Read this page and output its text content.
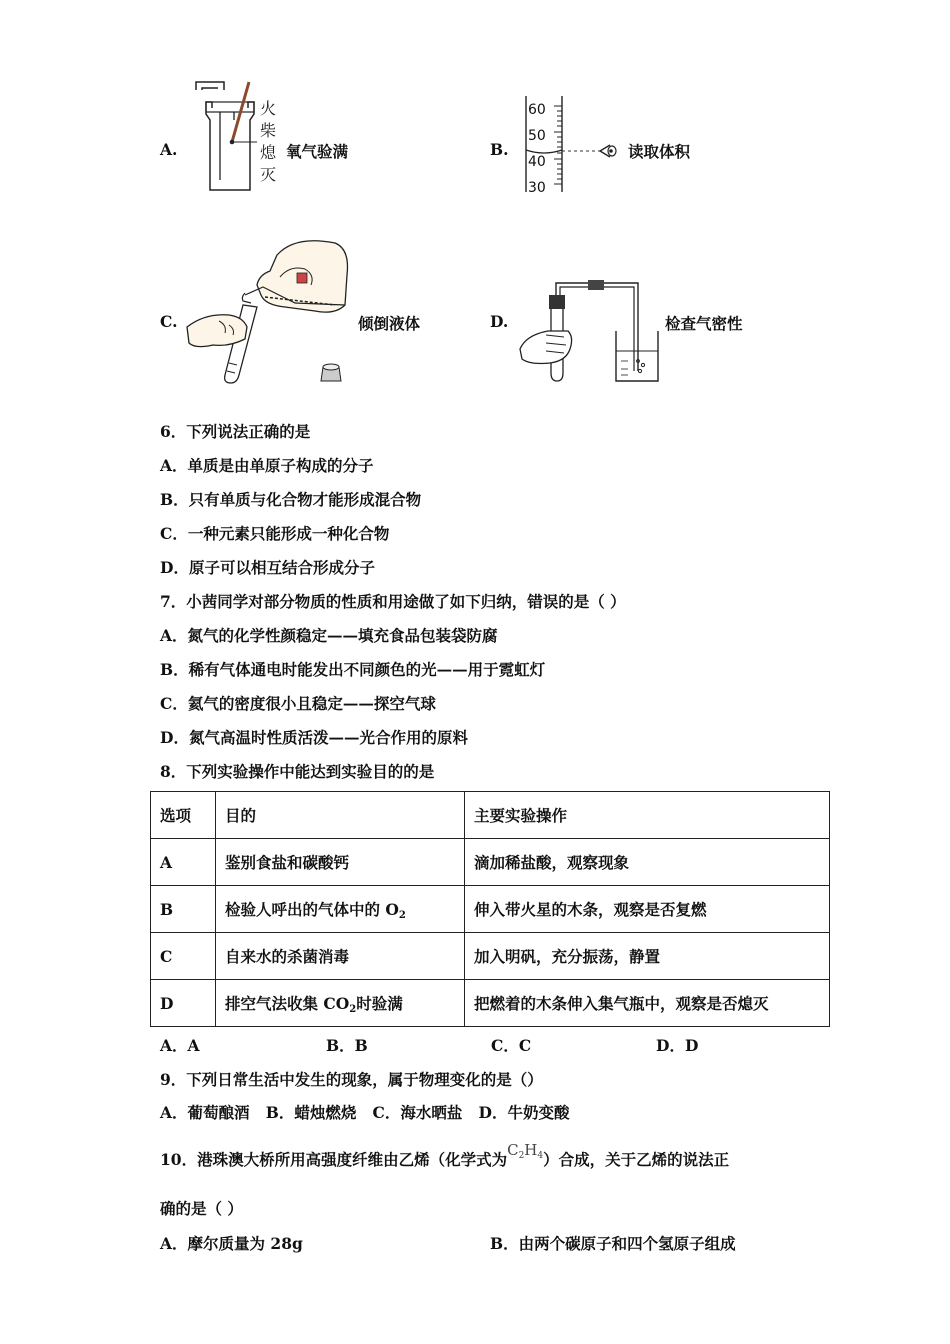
A.
火
柴
熄
灭
氧气验满	B.
60
50
40
30
读取体积
C.	倾倒液体	D.	检查气密性
6．下列说法正确的是
A．单质是由单原子构成的分子
B．只有单质与化合物才能形成混合物
C．一种元素只能形成一种化合物
D．原子可以相互结合形成分子
7．小茜同学对部分物质的性质和用途做了如下归纳，错误的是（ ）
A．氮气的化学性颜稳定——填充食品包装袋防腐
B．稀有气体通电时能发出不同颜色的光——用于霓虹灯
C．氦气的密度很小且稳定——探空气球
D．氮气高温时性质活泼——光合作用的原料
8．下列实验操作中能达到实验目的的是
选项	目的	主要实验操作
A	鉴别食盐和碳酸钙	滴加稀盐酸，观察现象
B	检验人呼出的气体中的 $O_2$	伸入带火星的木条，观察是否复燃
C	自来水的杀菌消毒	加入明矾，充分振荡，静置
D	排空气法收集 $CO_2$时验满	把燃着的木条伸入集气瓶中，观察是否熄灭
A．A	B．B	C．C	D．D
9．下列日常生活中发生的现象，属于物理变化的是（）
A．葡萄酿酒   B．蜡烛燃烧   C．海水晒盐   D．牛奶变酸
10．港珠澳大桥所用高强度纤维由乙烯（化学式为$C_2H_4$）合成，关于乙烯的说法正
确的是（ ）
A．摩尔质量为 28g	B．由两个碳原子和四个氢原子组成
